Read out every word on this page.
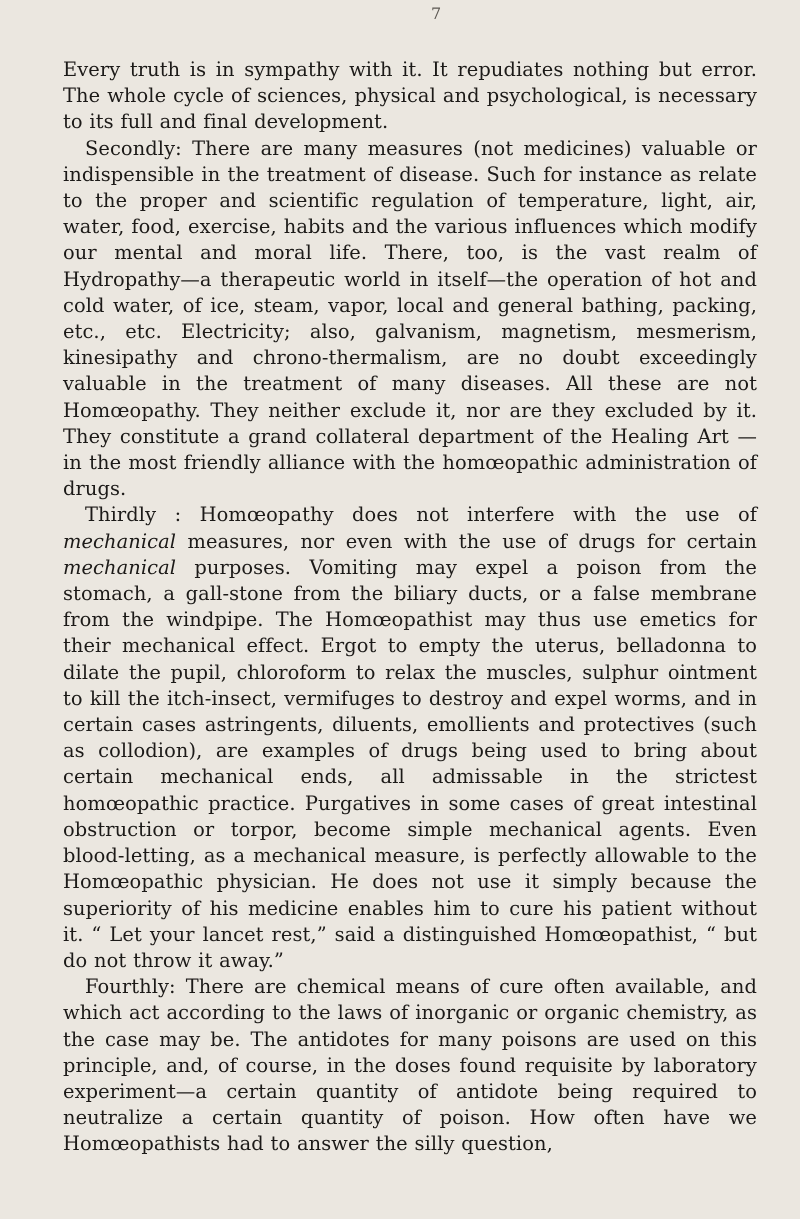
7

Every truth is in sympathy with it. It repudiates nothing but error. The whole cycle of sciences, physical and psychological, is necessary to its full and final development.

Secondly: There are many measures (not medicines) valuable or indispensible in the treatment of disease. Such for instance as relate to the proper and scientific regulation of temperature, light, air, water, food, exercise, habits and the various influences which modify our mental and moral life. There, too, is the vast realm of Hydropathy—a therapeutic world in itself—the operation of hot and cold water, of ice, steam, vapor, local and general bathing, packing, etc., etc. Electricity; also, galvanism, magnetism, mesmerism, kinesipathy and chrono-thermalism, are no doubt exceedingly valuable in the treatment of many diseases. All these are not Homœopathy. They neither exclude it, nor are they excluded by it. They constitute a grand collateral department of the Healing Art — in the most friendly alliance with the homœopathic administration of drugs.

Thirdly : Homœopathy does not interfere with the use of mechanical measures, nor even with the use of drugs for certain mechanical purposes. Vomiting may expel a poison from the stomach, a gall-stone from the biliary ducts, or a false membrane from the windpipe. The Homœopathist may thus use emetics for their mechanical effect. Ergot to empty the uterus, belladonna to dilate the pupil, chloroform to relax the muscles, sulphur ointment to kill the itch-insect, vermifuges to destroy and expel worms, and in certain cases astringents, diluents, emollients and protectives (such as collodion), are examples of drugs being used to bring about certain mechanical ends, all admissable in the strictest homœopathic practice. Purgatives in some cases of great intestinal obstruction or torpor, become simple mechanical agents. Even blood-letting, as a mechanical measure, is perfectly allowable to the Homœopathic physician. He does not use it simply because the superiority of his medicine enables him to cure his patient without it. “ Let your lancet rest,” said a distinguished Homœopathist, “ but do not throw it away.”

Fourthly: There are chemical means of cure often available, and which act according to the laws of inorganic or organic chemistry, as the case may be. The antidotes for many poisons are used on this principle, and, of course, in the doses found requisite by laboratory experiment—a certain quantity of antidote being required to neutralize a certain quantity of poison. How often have we Homœopathists had to answer the silly question,
